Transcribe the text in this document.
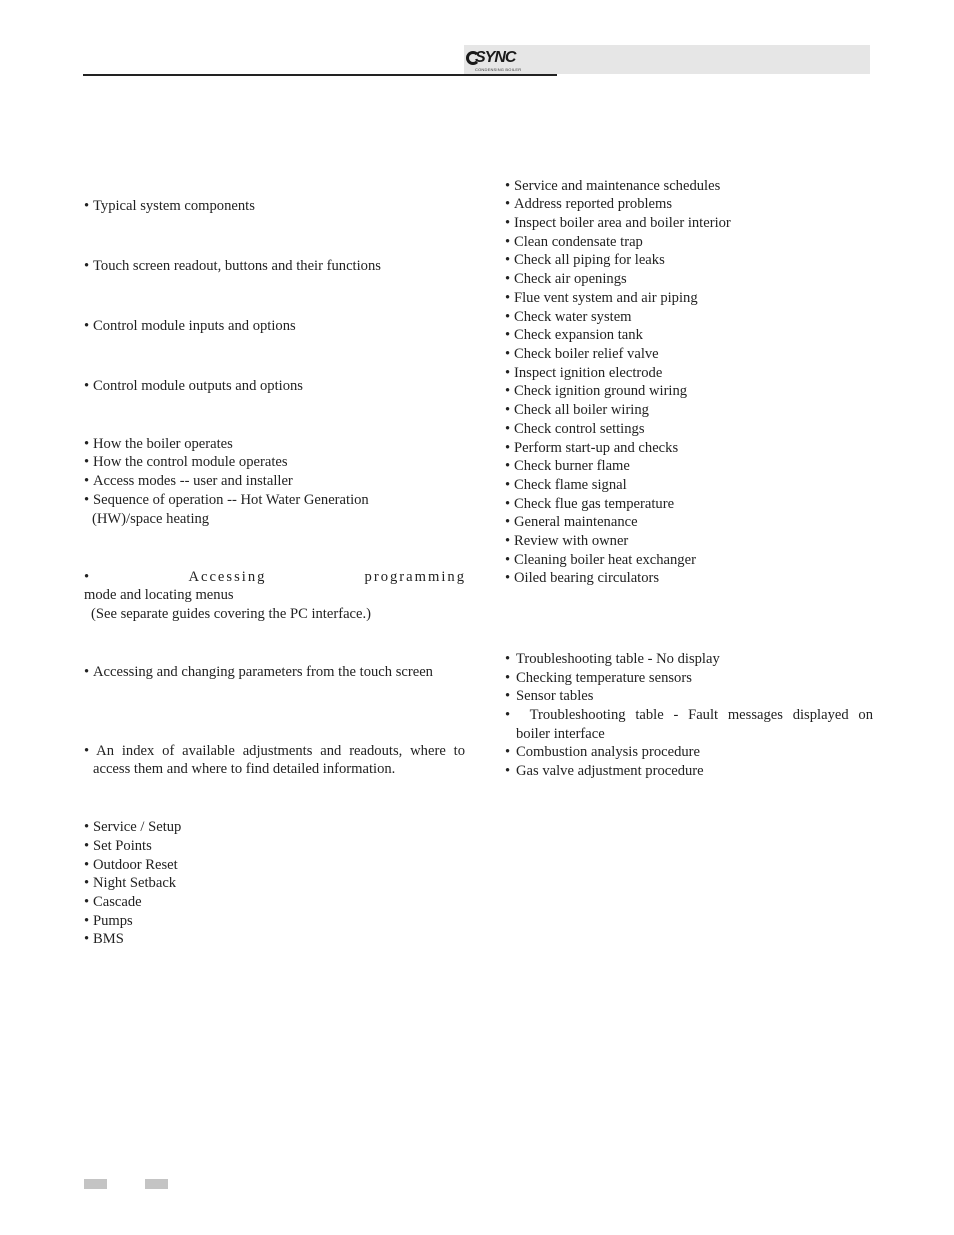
SYNC
CONDENSING BOILER
• Typical system components
• Touch screen readout, buttons and their functions
• Control module inputs and options
• Control module outputs and options
• How the boiler operates
• How the control module operates
• Access modes -- user and installer
• Sequence of operation -- Hot Water Generation
(HW)/space heating
•	Accessing	programming
mode and locating menus
(See separate guides covering the PC interface.)
• Accessing and changing parameters from the touch screen
• An index of available adjustments and readouts, where to
access them and where to find detailed information.
• Service / Setup
• Set Points
• Outdoor Reset
• Night Setback
• Cascade
• Pumps
• BMS
• Service and maintenance schedules
• Address reported problems
• Inspect boiler area and boiler interior
• Clean condensate trap
• Check all piping for leaks
• Check air openings
• Flue vent system and air piping
• Check water system
• Check expansion tank
• Check boiler relief valve
• Inspect ignition electrode
• Check ignition ground wiring
• Check all boiler wiring
• Check control settings
• Perform start-up and checks
• Check burner flame
• Check flame signal
• Check flue gas temperature
• General maintenance
• Review with owner
• Cleaning boiler heat exchanger
• Oiled bearing circulators
• Troubleshooting table - No display
• Checking temperature sensors
• Sensor tables
• Troubleshooting table - Fault messages displayed on
boiler interface
• Combustion analysis procedure
• Gas valve adjustment procedure
